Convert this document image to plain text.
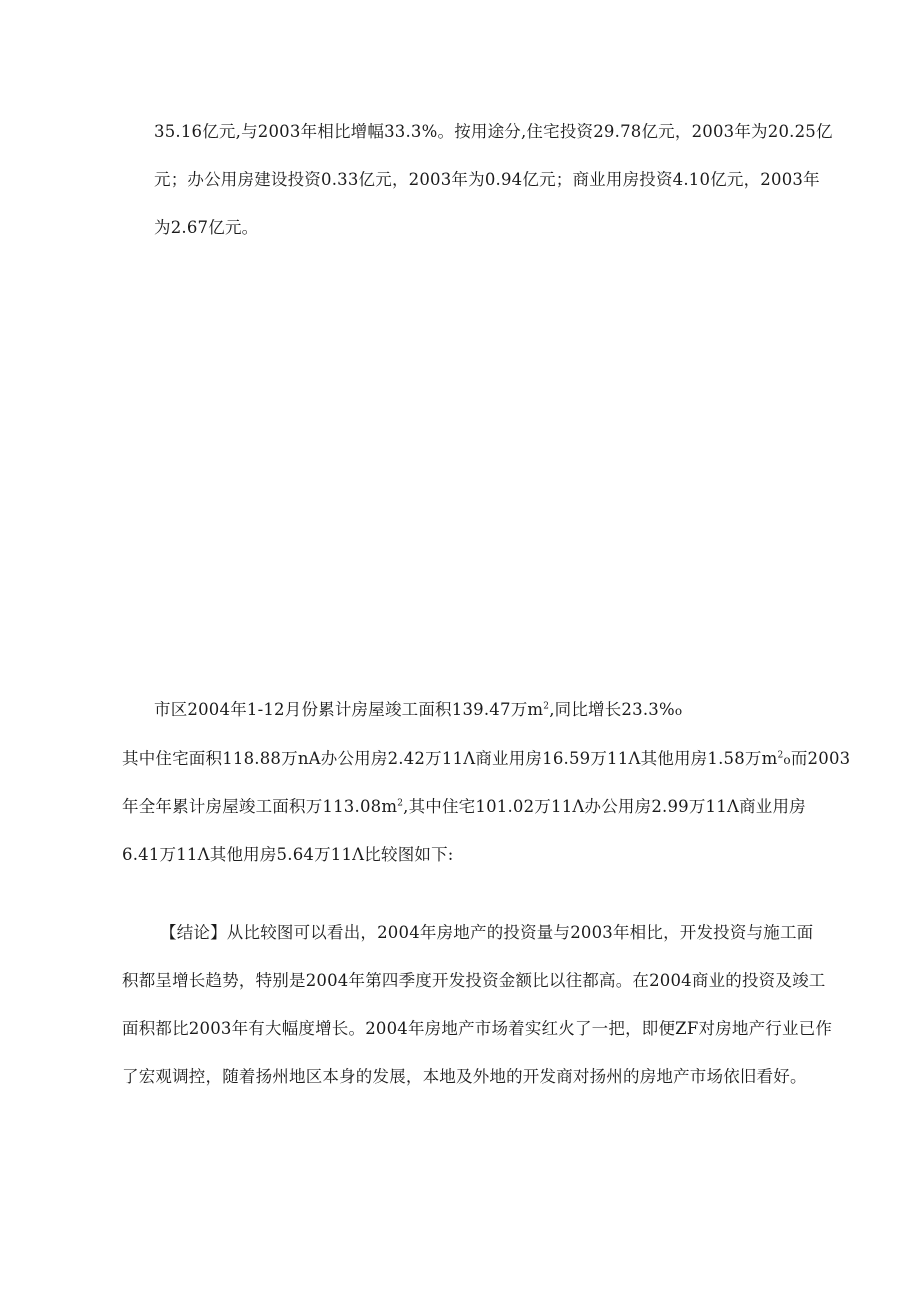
35.16亿元,与2003年相比增幅33.3%。按用途分,住宅投资29.78亿元，2003年为20.25亿
元；办公用房建设投资0.33亿元，2003年为0.94亿元；商业用房投资4.10亿元，2003年
为2.67亿元。
市区2004年1-12月份累计房屋竣工面积139.47万$m^2$,同比增长23.3%o
其中住宅面积118.88万nA办公用房2.42万11Λ商业用房16.59万11Λ其他用房1.58万$m^2o$而2003
年全年累计房屋竣工面积万$113.08m^2$,其中住宅101.02万11Λ办公用房2.99万11Λ商业用房
6.41万11Λ其他用房5.64万11Λ比较图如下:
【结论】从比较图可以看出，2004年房地产的投资量与2003年相比，开发投资与施工面
积都呈增长趋势，特别是2004年第四季度开发投资金额比以往都高。在2004商业的投资及竣工
面积都比2003年有大幅度增长。2004年房地产市场着实红火了一把，即便ZF对房地产行业已作
了宏观调控，随着扬州地区本身的发展，本地及外地的开发商对扬州的房地产市场依旧看好。
